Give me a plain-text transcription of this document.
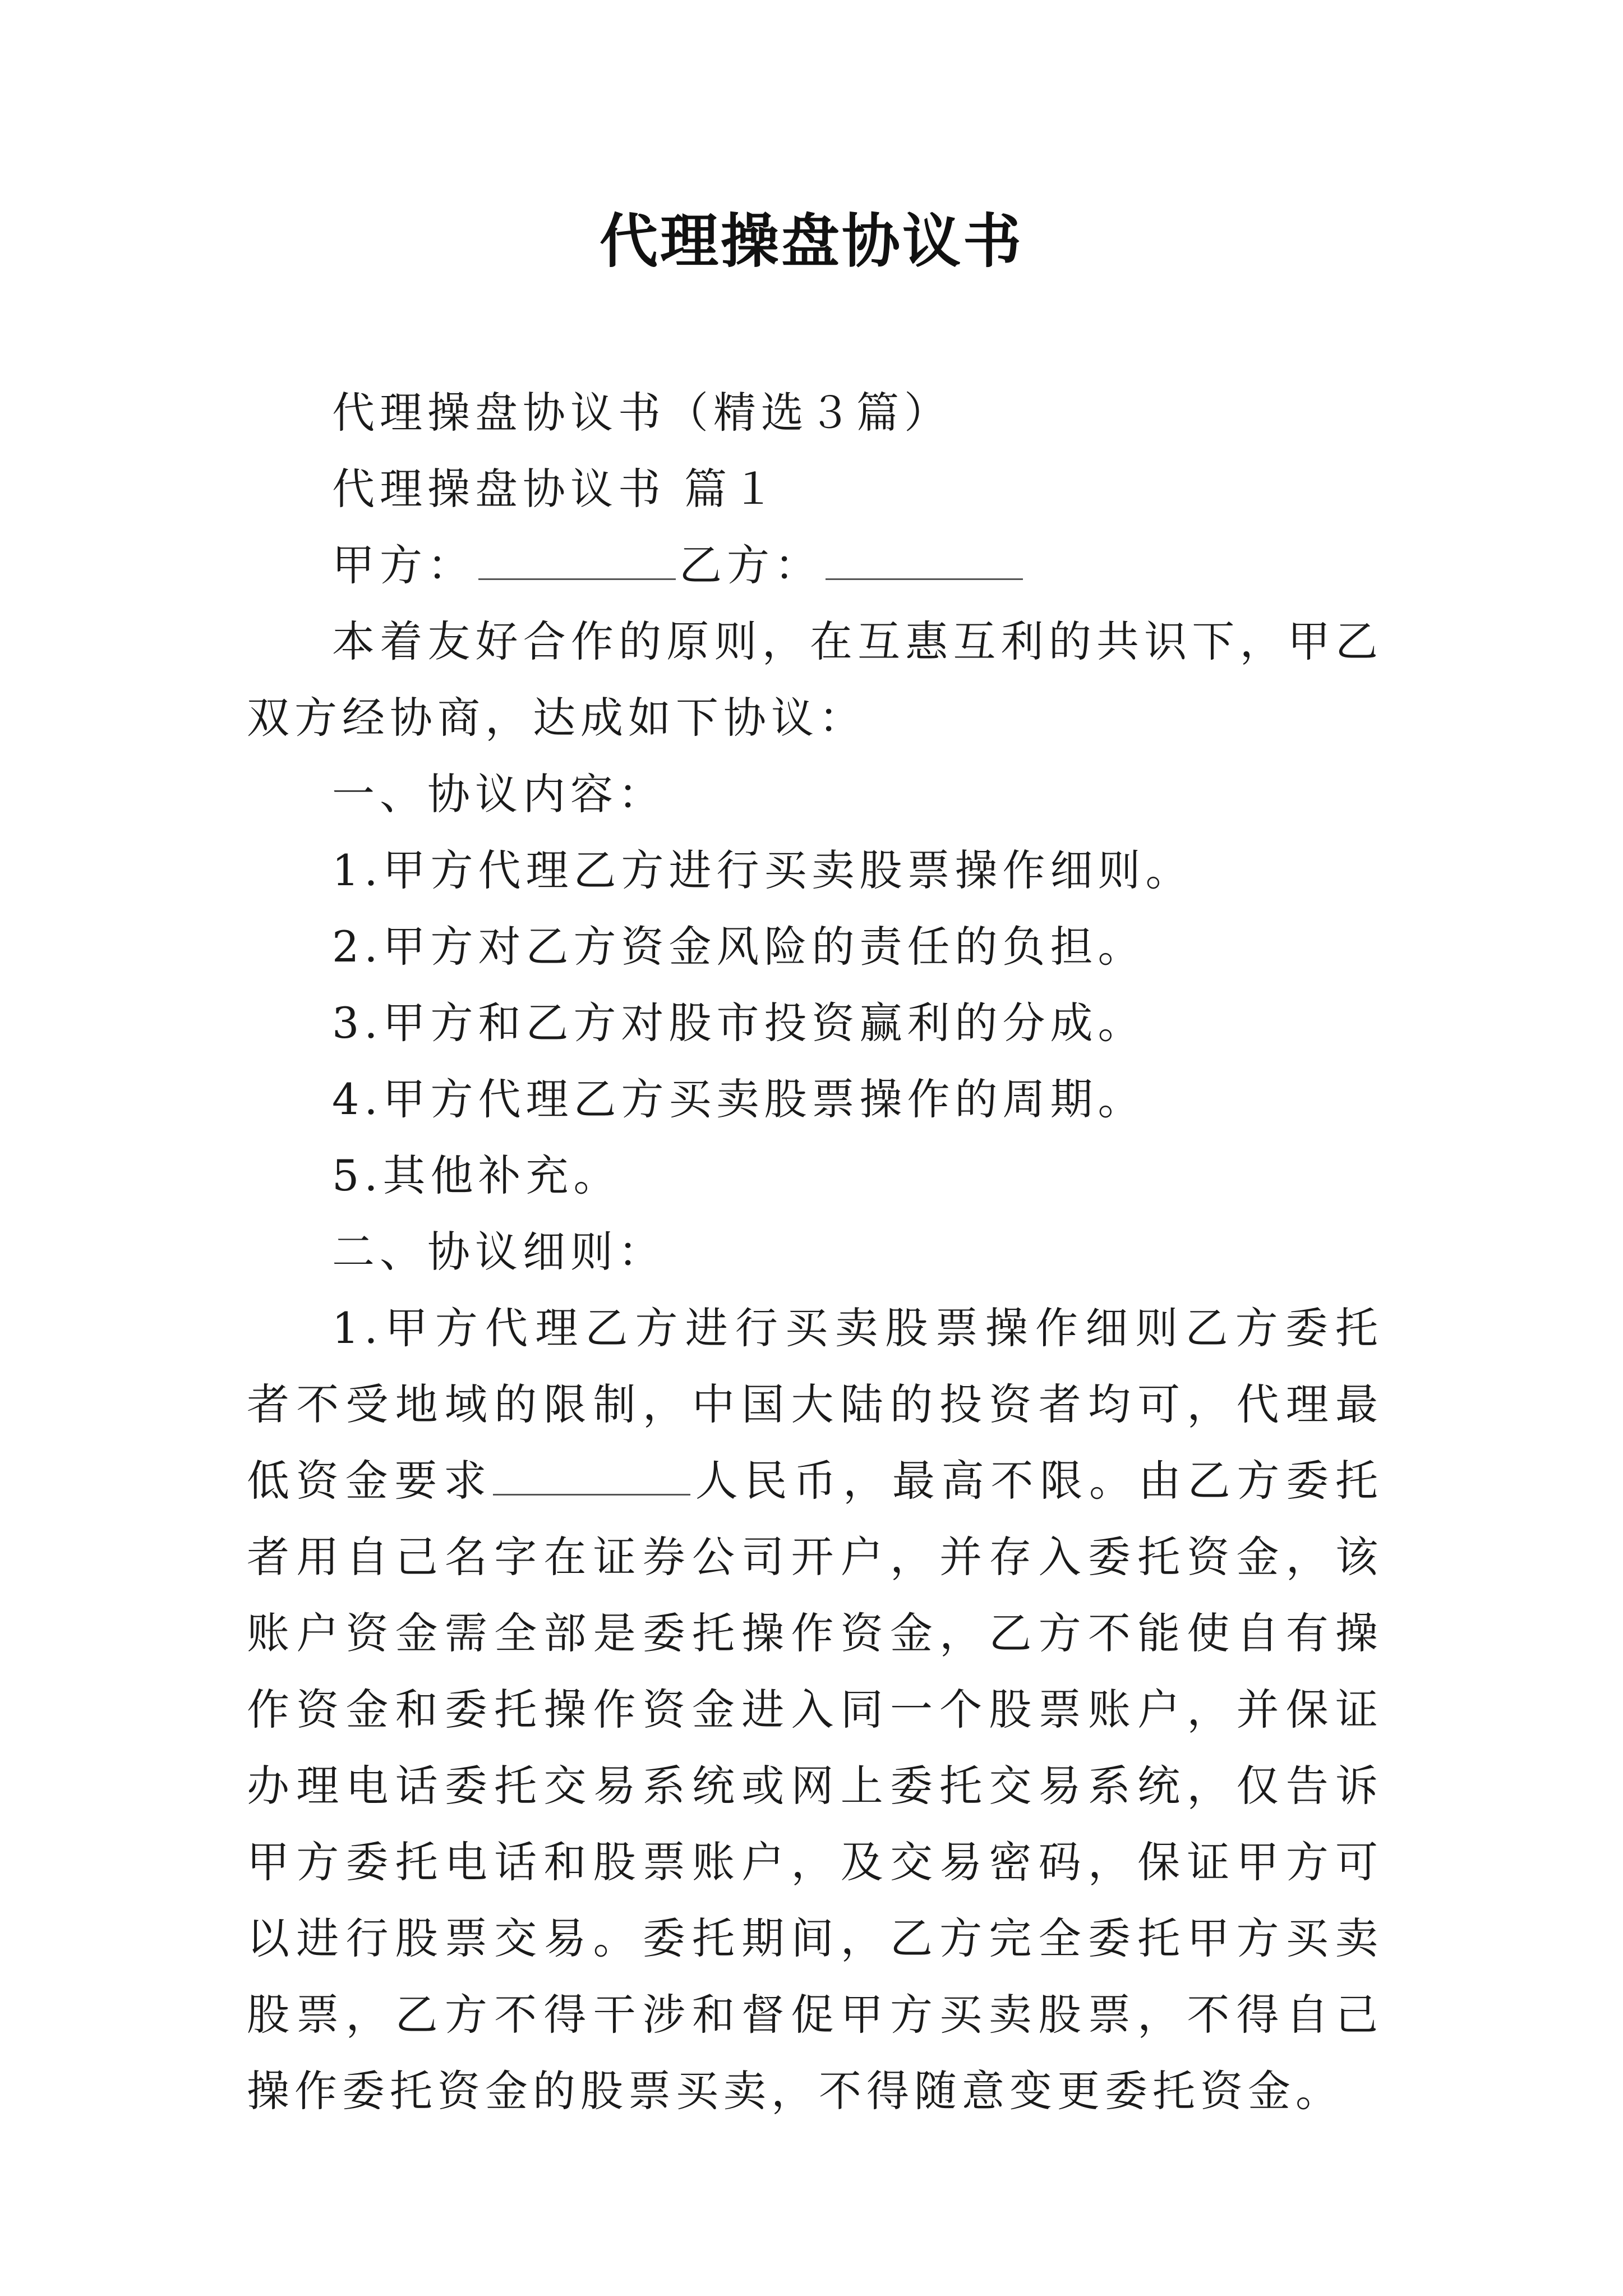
代理操盘协议书

代理操盘协议书（精选３篇）

代理操盘协议书 篇１

甲方：	乙方：

本着友好合作的原则，在互惠互利的共识下，甲乙双方经协商，达成如下协议：

一、协议内容：

1.甲方代理乙方进行买卖股票操作细则。

2.甲方对乙方资金风险的责任的负担。

3.甲方和乙方对股市投资赢利的分成。

4.甲方代理乙方买卖股票操作的周期。

5.其他补充。

二、协议细则：

1.甲方代理乙方进行买卖股票操作细则乙方委托者不受地域的限制，中国大陆的投资者均可，代理最低资金要求	人民币，最高不限。由乙方委托者用自己名字在证券公司开户，并存入委托资金，该账户资金需全部是委托操作资金，乙方不能使自有操作资金和委托操作资金进入同一个股票账户，并保证办理电话委托交易系统或网上委托交易系统，仅告诉甲方委托电话和股票账户，及交易密码，保证甲方可以进行股票交易。委托期间，乙方完全委托甲方买卖股票，乙方不得干涉和督促甲方买卖股票，不得自己操作委托资金的股票买卖，不得随意变更委托资金。
